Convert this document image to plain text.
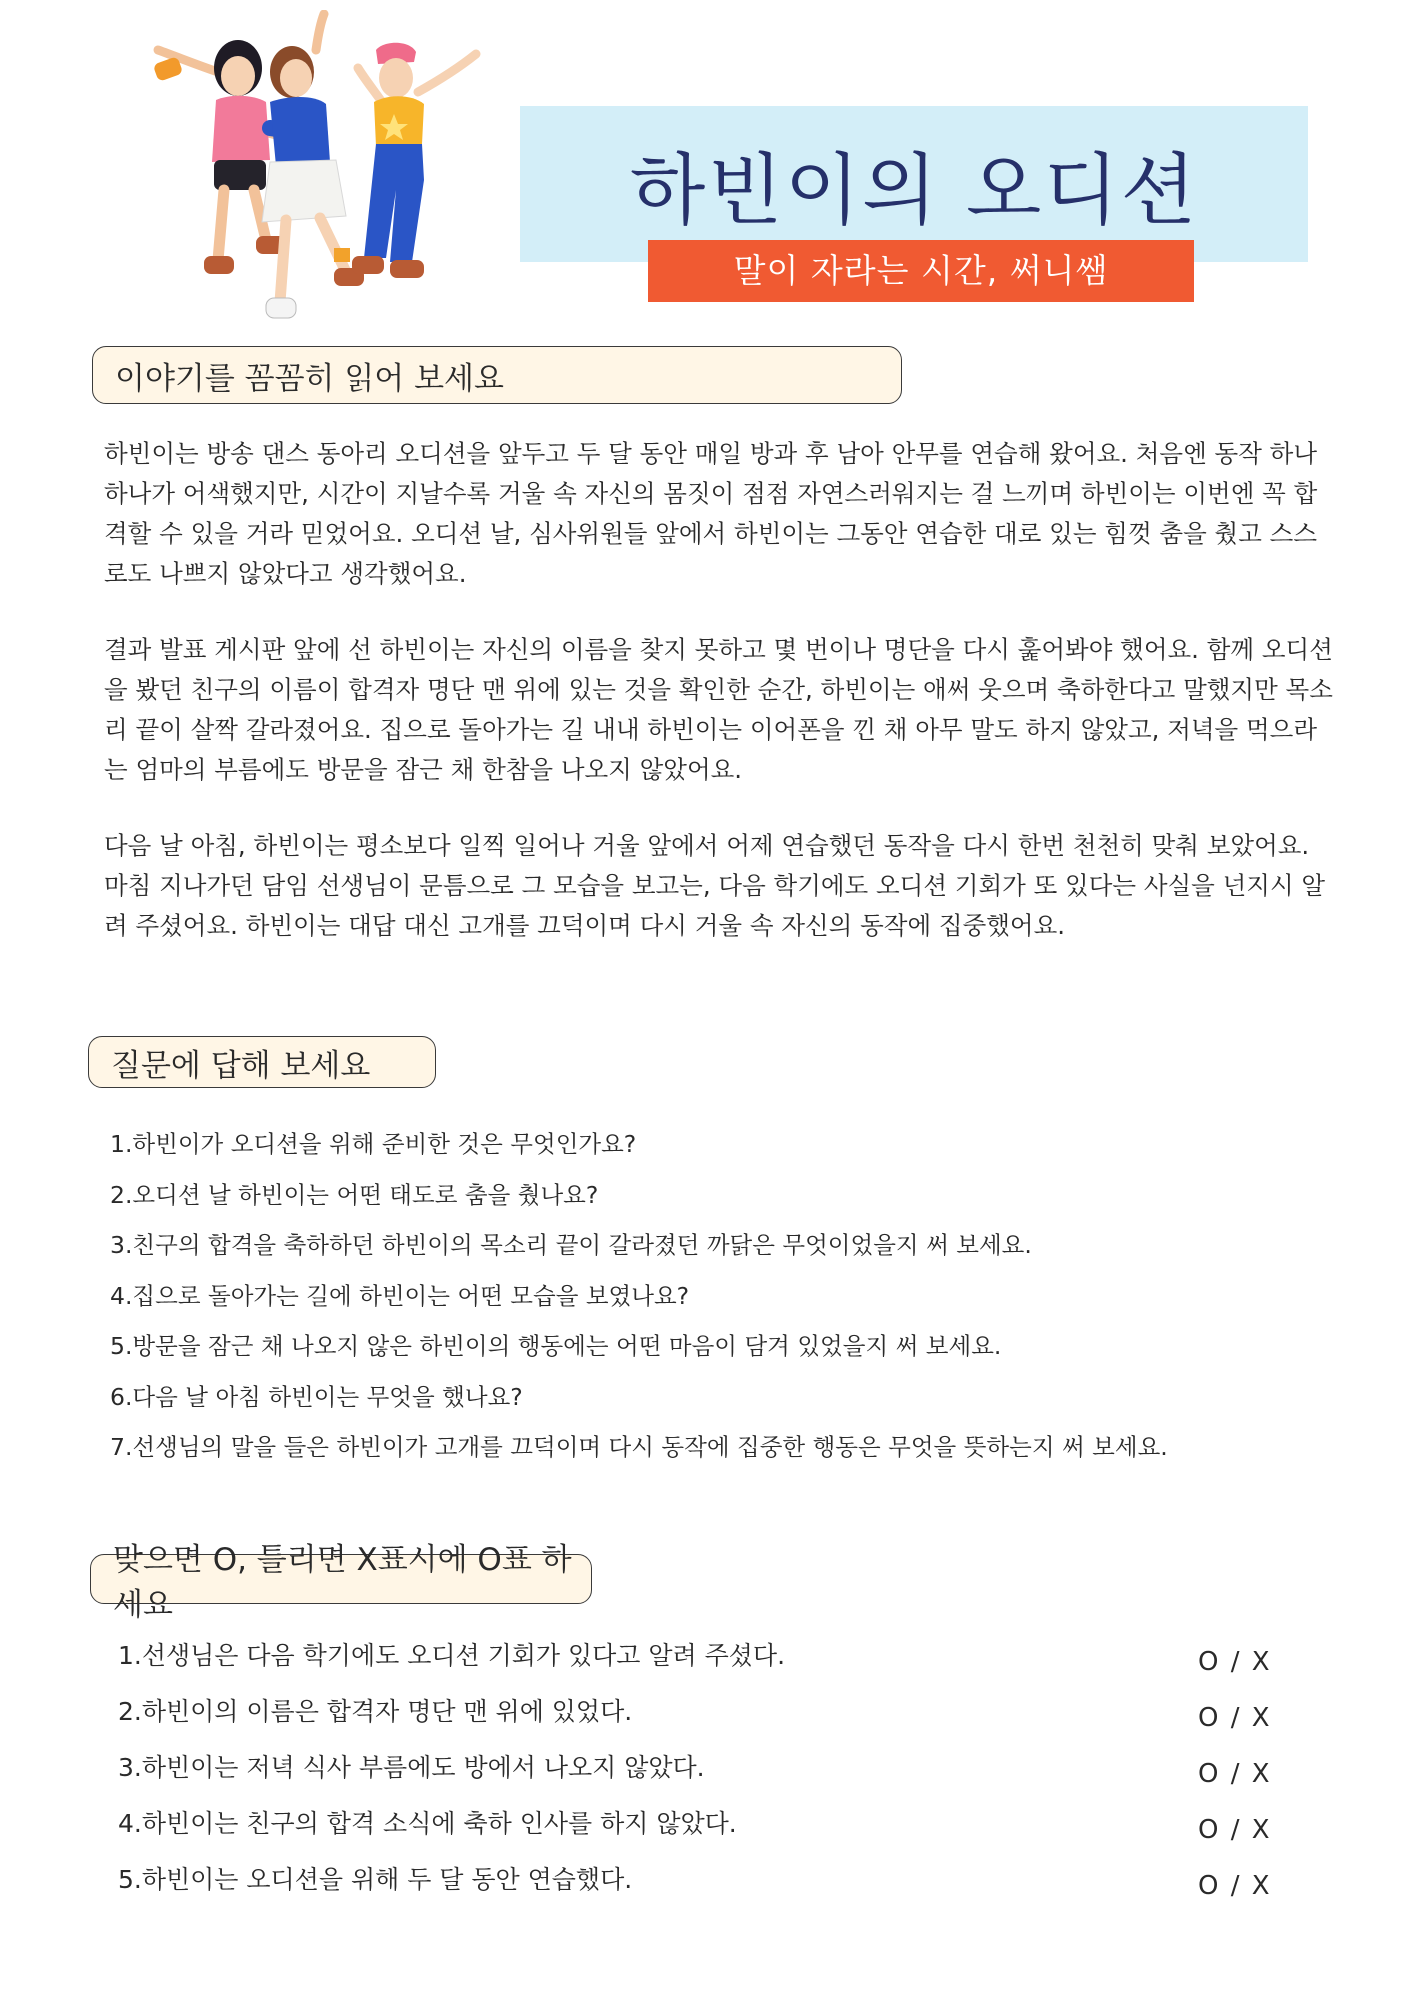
하빈이의 오디션
말이 자라는 시간, 써니쌤
이야기를 꼼꼼히 읽어 보세요

하빈이는 방송 댄스 동아리 오디션을 앞두고 두 달 동안 매일 방과 후 남아 안무를 연습해 왔어요. 처음엔 동작 하나하나가 어색했지만, 시간이 지날수록 거울 속 자신의 몸짓이 점점 자연스러워지는 걸 느끼며 하빈이는 이번엔 꼭 합격할 수 있을 거라 믿었어요. 오디션 날, 심사위원들 앞에서 하빈이는 그동안 연습한 대로 있는 힘껏 춤을 췄고 스스로도 나쁘지 않았다고 생각했어요.

결과 발표 게시판 앞에 선 하빈이는 자신의 이름을 찾지 못하고 몇 번이나 명단을 다시 훑어봐야 했어요. 함께 오디션을 봤던 친구의 이름이 합격자 명단 맨 위에 있는 것을 확인한 순간, 하빈이는 애써 웃으며 축하한다고 말했지만 목소리 끝이 살짝 갈라졌어요. 집으로 돌아가는 길 내내 하빈이는 이어폰을 낀 채 아무 말도 하지 않았고, 저녁을 먹으라는 엄마의 부름에도 방문을 잠근 채 한참을 나오지 않았어요.

다음 날 아침, 하빈이는 평소보다 일찍 일어나 거울 앞에서 어제 연습했던 동작을 다시 한번 천천히 맞춰 보았어요. 마침 지나가던 담임 선생님이 문틈으로 그 모습을 보고는, 다음 학기에도 오디션 기회가 또 있다는 사실을 넌지시 알려 주셨어요. 하빈이는 대답 대신 고개를 끄덕이며 다시 거울 속 자신의 동작에 집중했어요.

질문에 답해 보세요
1.하빈이가 오디션을 위해 준비한 것은 무엇인가요?
2.오디션 날 하빈이는 어떤 태도로 춤을 췄나요?
3.친구의 합격을 축하하던 하빈이의 목소리 끝이 갈라졌던 까닭은 무엇이었을지 써 보세요.
4.집으로 돌아가는 길에 하빈이는 어떤 모습을 보였나요?
5.방문을 잠근 채 나오지 않은 하빈이의 행동에는 어떤 마음이 담겨 있었을지 써 보세요.
6.다음 날 아침 하빈이는 무엇을 했나요?
7.선생님의 말을 들은 하빈이가 고개를 끄덕이며 다시 동작에 집중한 행동은 무엇을 뜻하는지 써 보세요.
맞으면 O, 틀리면 X표시에 O표 하세요
1.선생님은 다음 학기에도 오디션 기회가 있다고 알려 주셨다.	O / X
2.하빈이의 이름은 합격자 명단 맨 위에 있었다.	O / X
3.하빈이는 저녁 식사 부름에도 방에서 나오지 않았다.	O / X
4.하빈이는 친구의 합격 소식에 축하 인사를 하지 않았다.	O / X
5.하빈이는 오디션을 위해 두 달 동안 연습했다.	O / X
